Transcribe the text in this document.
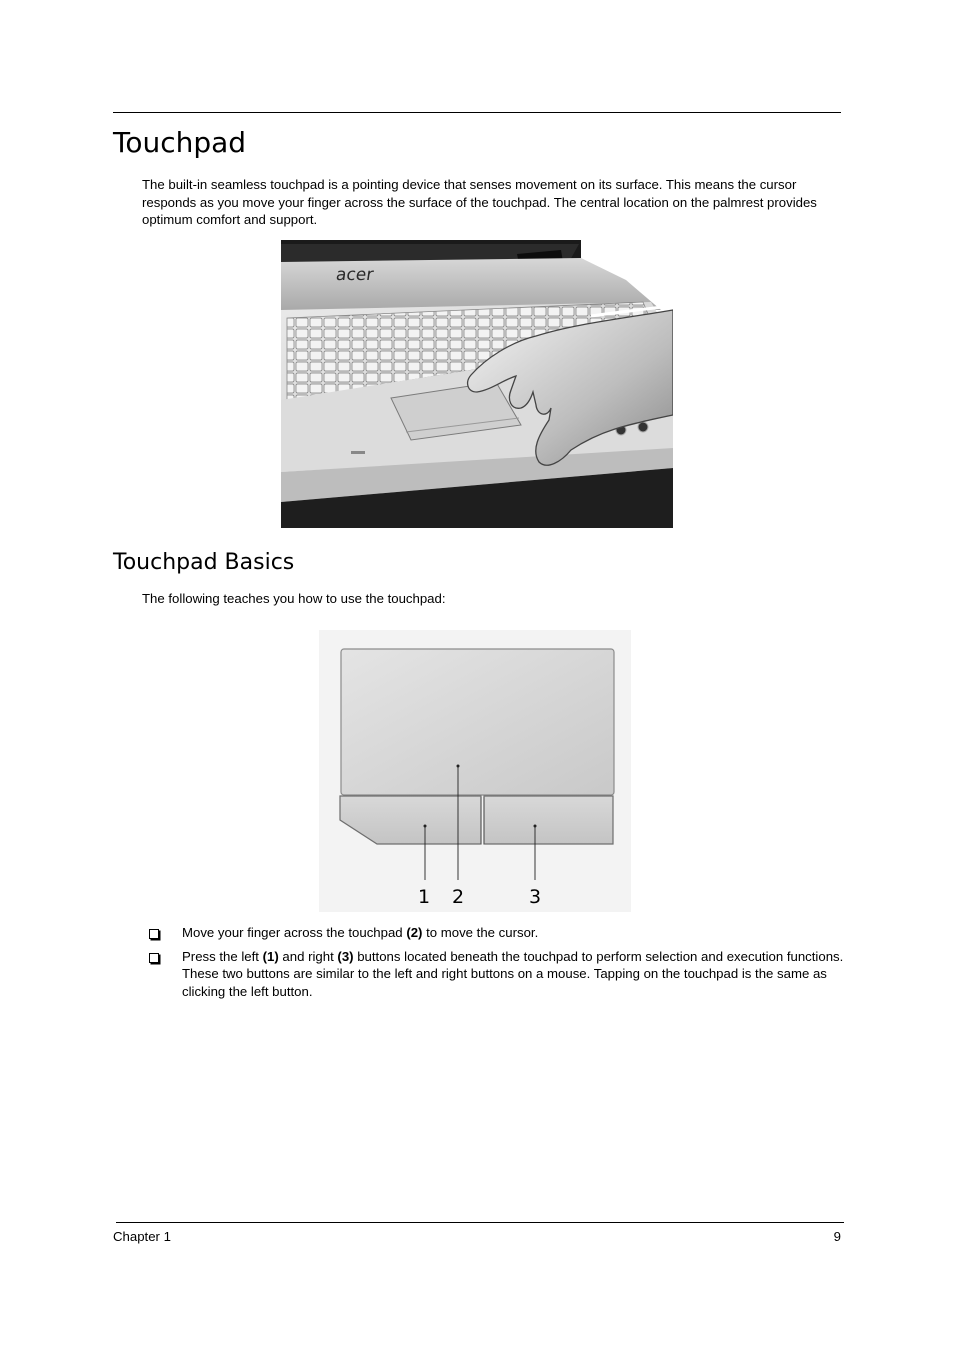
Touchpad

The built-in seamless touchpad is a pointing device that senses movement on its surface. This means the cursor responds as you move your finger across the surface of the touchpad. The central location on the palmrest provides optimum comfort and support.

acer
Touchpad Basics

The following teaches you how to use the touchpad:

1 2	3
Move your finger across the touchpad (2) to move the cursor.
Press the left (1) and right (3) buttons located beneath the touchpad to perform selection and execution functions. These two buttons are similar to the left and right buttons on a mouse. Tapping on the touchpad is the same as clicking the left button.
Chapter 1	9
